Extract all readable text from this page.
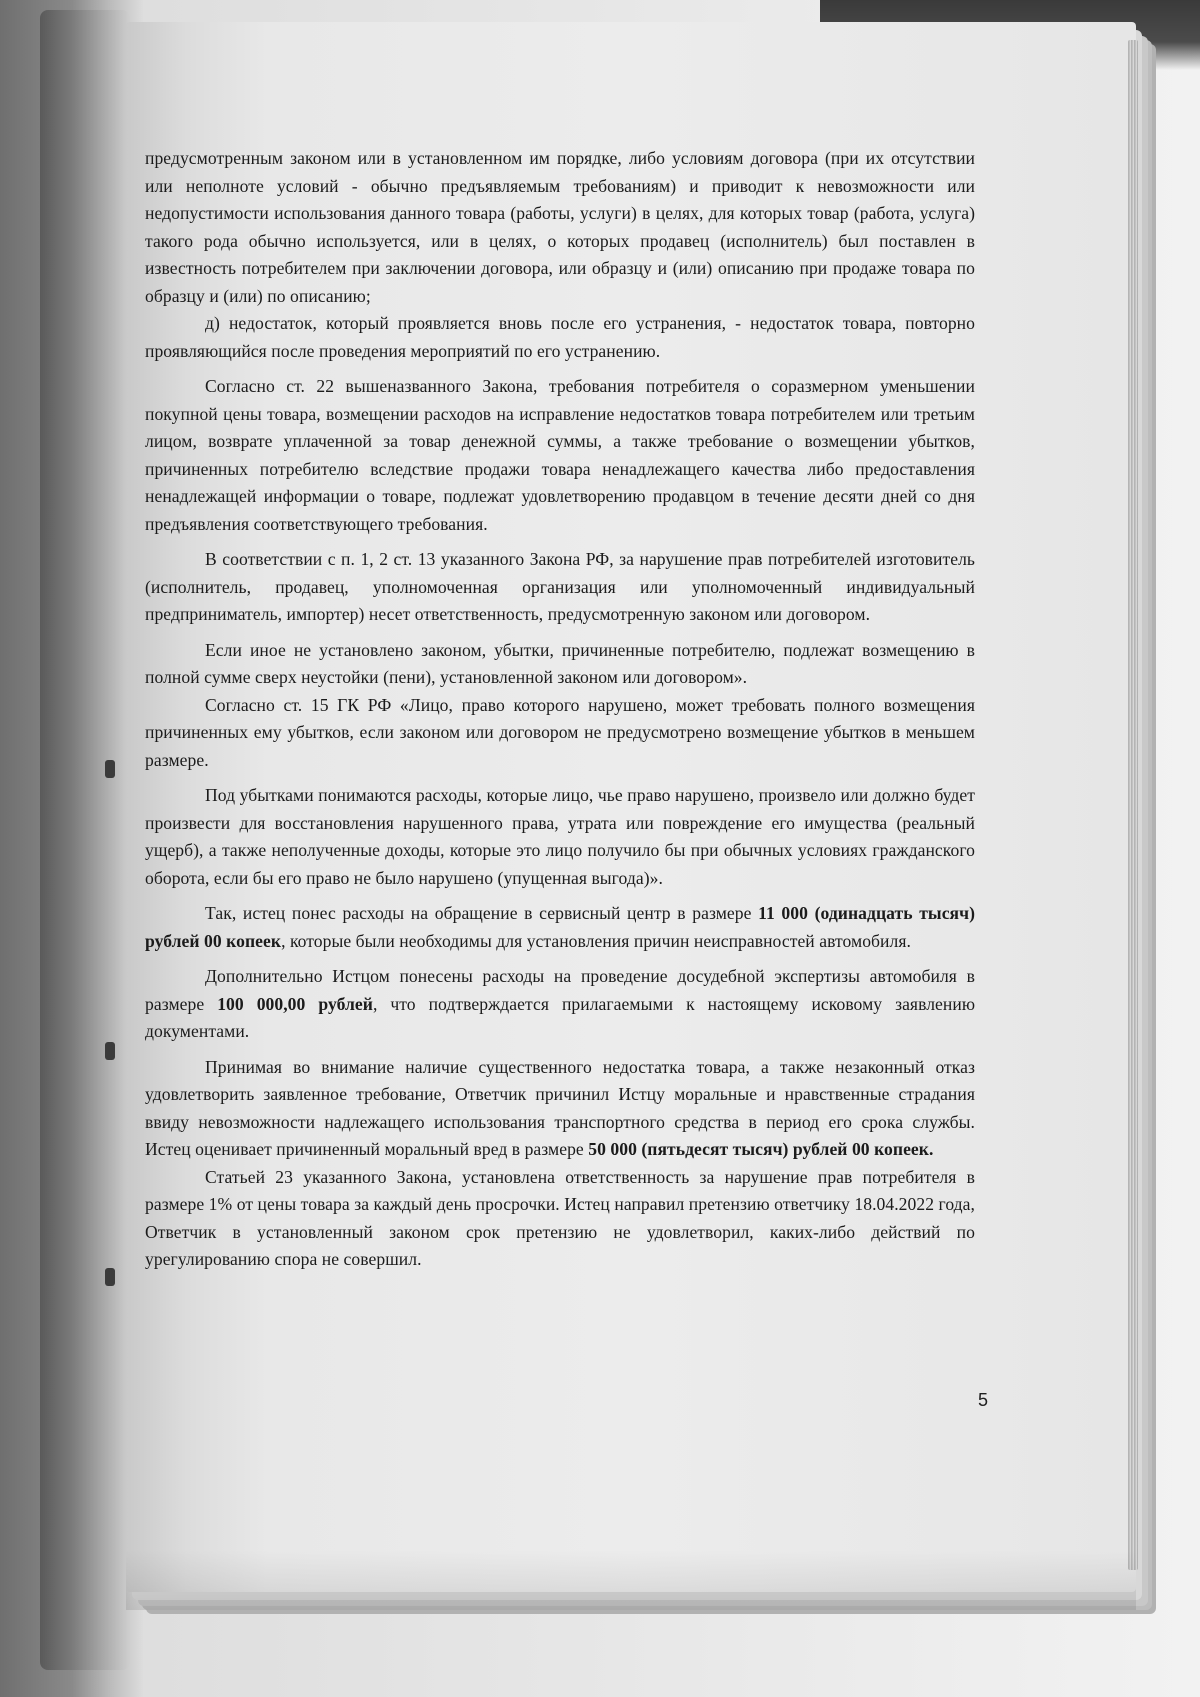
предусмотренным законом или в установленном им порядке, либо условиям договора (при их отсутствии или неполноте условий - обычно предъявляемым требованиям) и приводит к невозможности или недопустимости использования данного товара (работы, услуги) в целях, для которых товар (работа, услуга) такого рода обычно используется, или в целях, о которых продавец (исполнитель) был поставлен в известность потребителем при заключении договора, или образцу и (или) описанию при продаже товара по образцу и (или) по описанию;

д) недостаток, который проявляется вновь после его устранения, - недостаток товара, повторно проявляющийся после проведения мероприятий по его устранению.

Согласно ст. 22 вышеназванного Закона, требования потребителя о соразмерном уменьшении покупной цены товара, возмещении расходов на исправление недостатков товара потребителем или третьим лицом, возврате уплаченной за товар денежной суммы, а также требование о возмещении убытков, причиненных потребителю вследствие продажи товара ненадлежащего качества либо предоставления ненадлежащей информации о товаре, подлежат удовлетворению продавцом в течение десяти дней со дня предъявления соответствующего требования.

В соответствии с п. 1, 2 ст. 13 указанного Закона РФ, за нарушение прав потребителей изготовитель (исполнитель, продавец, уполномоченная организация или уполномоченный индивидуальный предприниматель, импортер) несет ответственность, предусмотренную законом или договором.

Если иное не установлено законом, убытки, причиненные потребителю, подлежат возмещению в полной сумме сверх неустойки (пени), установленной законом или договором».

Согласно ст. 15 ГК РФ «Лицо, право которого нарушено, может требовать полного возмещения причиненных ему убытков, если законом или договором не предусмотрено возмещение убытков в меньшем размере.

Под убытками понимаются расходы, которые лицо, чье право нарушено, произвело или должно будет произвести для восстановления нарушенного права, утрата или повреждение его имущества (реальный ущерб), а также неполученные доходы, которые это лицо получило бы при обычных условиях гражданского оборота, если бы его право не было нарушено (упущенная выгода)».

Так, истец понес расходы на обращение в сервисный центр в размере 11 000 (одинадцать тысяч) рублей 00 копеек, которые были необходимы для установления причин неисправностей автомобиля.

Дополнительно Истцом понесены расходы на проведение досудебной экспертизы автомобиля в размере 100 000,00 рублей, что подтверждается прилагаемыми к настоящему исковому заявлению документами.

Принимая во внимание наличие существенного недостатка товара, а также незаконный отказ удовлетворить заявленное требование, Ответчик причинил Истцу моральные и нравственные страдания ввиду невозможности надлежащего использования транспортного средства в период его срока службы. Истец оценивает причиненный моральный вред в размере 50 000 (пятьдесят тысяч) рублей 00 копеек.

Статьей 23 указанного Закона, установлена ответственность за нарушение прав потребителя в размере 1% от цены товара за каждый день просрочки. Истец направил претензию ответчику 18.04.2022 года, Ответчик в установленный законом срок претензию не удовлетворил, каких-либо действий по урегулированию спора не совершил.

5
